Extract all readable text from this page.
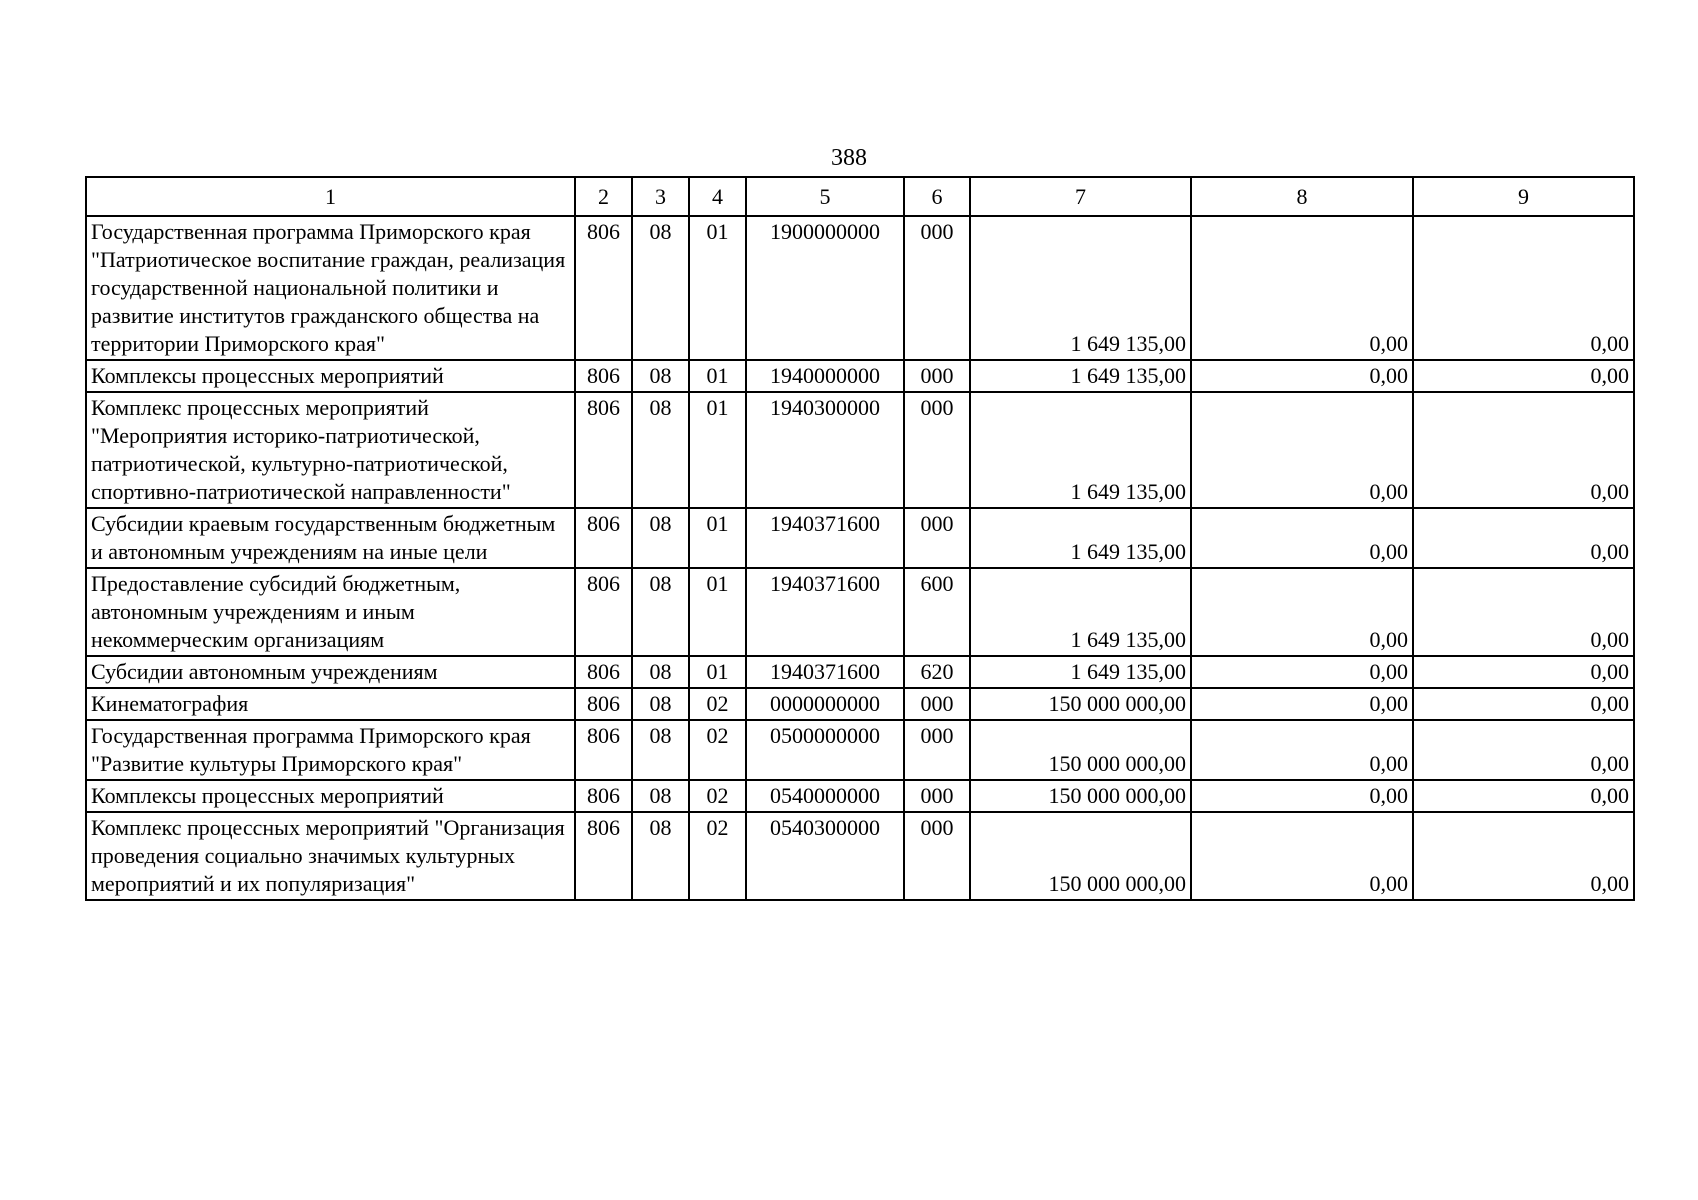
388
1	2	3	4	5	6	7	8	9
Государственная программа Приморского края "Патриотическое воспитание граждан, реализация государственной национальной политики и развитие институтов гражданского общества на территории Приморского края"	806	08	01	1900000000	000	1 649 135,00	0,00	0,00
Комплексы процессных мероприятий	806	08	01	1940000000	000	1 649 135,00	0,00	0,00
Комплекс процессных мероприятий "Мероприятия историко-патриотической, патриотической, культурно-патриотической, спортивно-патриотической направленности"	806	08	01	1940300000	000	1 649 135,00	0,00	0,00
Субсидии краевым государственным бюджетным и автономным учреждениям на иные цели	806	08	01	1940371600	000	1 649 135,00	0,00	0,00
Предоставление субсидий бюджетным, автономным учреждениям и иным некоммерческим организациям	806	08	01	1940371600	600	1 649 135,00	0,00	0,00
Субсидии автономным учреждениям	806	08	01	1940371600	620	1 649 135,00	0,00	0,00
Кинематография	806	08	02	0000000000	000	150 000 000,00	0,00	0,00
Государственная программа Приморского края "Развитие культуры Приморского края"	806	08	02	0500000000	000	150 000 000,00	0,00	0,00
Комплексы процессных мероприятий	806	08	02	0540000000	000	150 000 000,00	0,00	0,00
Комплекс процессных мероприятий "Организация проведения социально значимых культурных мероприятий и их популяризация"	806	08	02	0540300000	000	150 000 000,00	0,00	0,00
